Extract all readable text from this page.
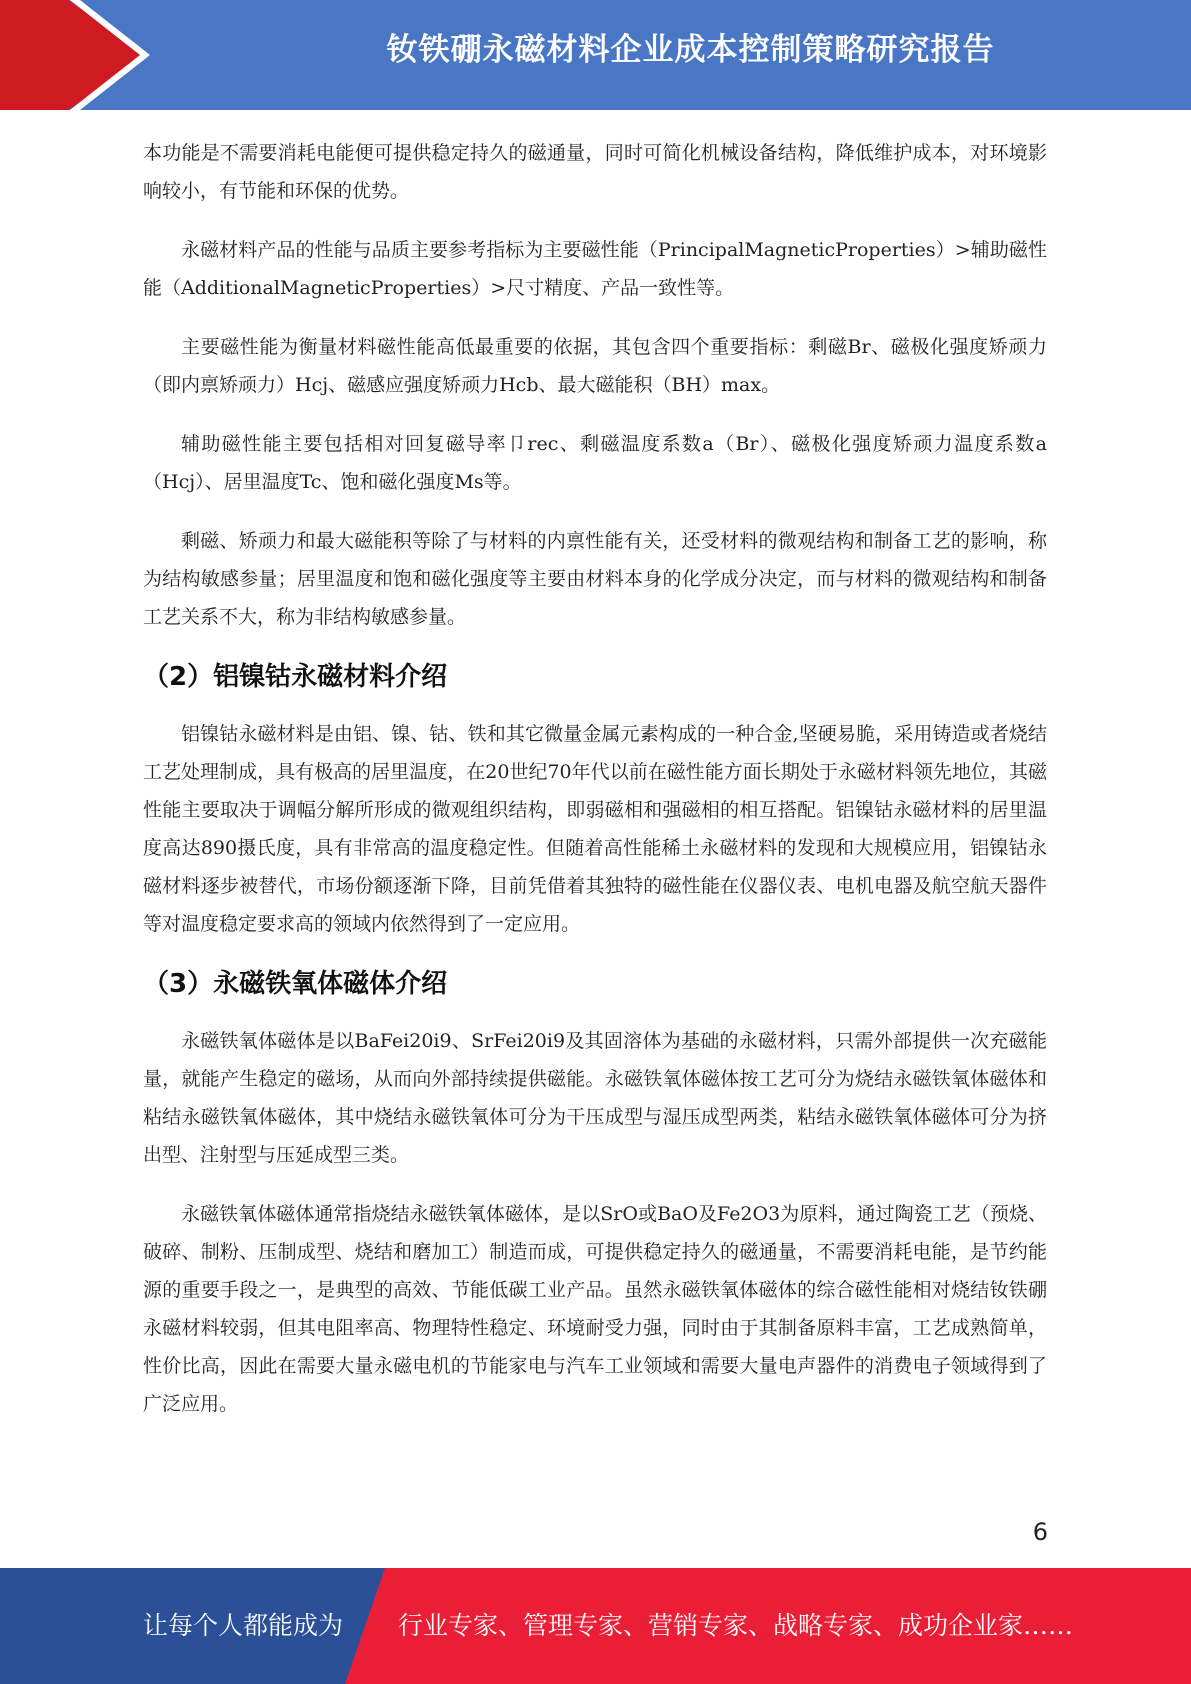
钕铁硼永磁材料企业成本控制策略研究报告

本功能是不需要消耗电能便可提供稳定持久的磁通量，同时可简化机械设备结构，降低维护成本，对环境影响较小，有节能和环保的优势。

永磁材料产品的性能与品质主要参考指标为主要磁性能（PrincipalMagneticProperties）>辅助磁性能（AdditionalMagneticProperties）>尺寸精度、产品一致性等。

主要磁性能为衡量材料磁性能高低最重要的依据，其包含四个重要指标：剩磁Br、磁极化强度矫顽力（即内禀矫顽力）Hcj、磁感应强度矫顽力Hcb、最大磁能积（BH）max。

辅助磁性能主要包括相对回复磁导率卩rec、剩磁温度系数a（Br）、磁极化强度矫顽力温度系数a（Hcj）、居里温度Tc、饱和磁化强度Ms等。

剩磁、矫顽力和最大磁能积等除了与材料的内禀性能有关，还受材料的微观结构和制备工艺的影响，称为结构敏感参量；居里温度和饱和磁化强度等主要由材料本身的化学成分决定，而与材料的微观结构和制备工艺关系不大，称为非结构敏感参量。

（2）铝镍钴永磁材料介绍

铝镍钴永磁材料是由铝、镍、钴、铁和其它微量金属元素构成的一种合金,坚硬易脆，采用铸造或者烧结工艺处理制成，具有极高的居里温度，在20世纪70年代以前在磁性能方面长期处于永磁材料领先地位，其磁性能主要取决于调幅分解所形成的微观组织结构，即弱磁相和强磁相的相互搭配。铝镍钴永磁材料的居里温度高达890摄氏度，具有非常高的温度稳定性。但随着高性能稀土永磁材料的发现和大规模应用，铝镍钴永磁材料逐步被替代，市场份额逐渐下降，目前凭借着其独特的磁性能在仪器仪表、电机电器及航空航天器件等对温度稳定要求高的领域内依然得到了一定应用。

（3）永磁铁氧体磁体介绍

永磁铁氧体磁体是以BaFei20i9、SrFei20i9及其固溶体为基础的永磁材料，只需外部提供一次充磁能量，就能产生稳定的磁场，从而向外部持续提供磁能。永磁铁氧体磁体按工艺可分为烧结永磁铁氧体磁体和粘结永磁铁氧体磁体，其中烧结永磁铁氧体可分为干压成型与湿压成型两类，粘结永磁铁氧体磁体可分为挤出型、注射型与压延成型三类。

永磁铁氧体磁体通常指烧结永磁铁氧体磁体，是以SrO或BaO及Fe2O3为原料，通过陶瓷工艺（预烧、破碎、制粉、压制成型、烧结和磨加工）制造而成，可提供稳定持久的磁通量，不需要消耗电能，是节约能源的重要手段之一，是典型的高效、节能低碳工业产品。虽然永磁铁氧体磁体的综合磁性能相对烧结钕铁硼永磁材料较弱，但其电阻率高、物理特性稳定、环境耐受力强，同时由于其制备原料丰富，工艺成熟简单，性价比高，因此在需要大量永磁电机的节能家电与汽车工业领域和需要大量电声器件的消费电子领域得到了广泛应用。

6
让每个人都能成为 行业专家、管理专家、营销专家、战略专家、成功企业家……
